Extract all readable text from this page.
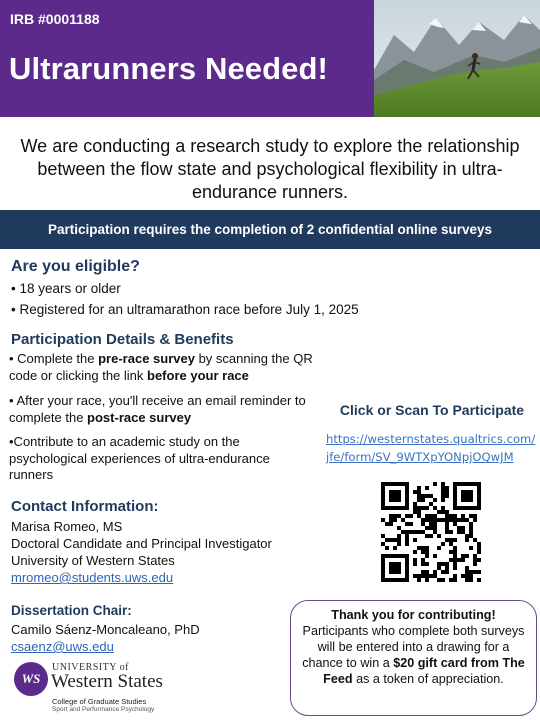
IRB #0001188
Ultrarunners Needed!
We are conducting a research study to explore the relationship between the flow state and psychological flexibility in ultra-endurance runners.
Participation requires the completion of 2 confidential online surveys
Are you eligible?
• 18 years or older
• Registered for an ultramarathon race before July 1, 2025
Participation Details & Benefits
• Complete the pre-race survey by scanning the QR code or clicking the link before your race
• After your race, you'll receive an email reminder to complete the post-race survey
•Contribute to an academic study on the psychological experiences of ultra-endurance runners
Click or Scan To Participate
https://westernstates.qualtrics.com/jfe/form/SV_9WTXpYONpjOQwJM
Contact Information:
Marisa Romeo, MS
Doctoral Candidate and Principal Investigator
University of Western States
mromeo@students.uws.edu
Dissertation Chair:
Camilo Sáenz-Moncaleano, PhD
csaenz@uws.edu
Thank you for contributing! Participants who complete both surveys will be entered into a drawing for a chance to win a $20 gift card from The Feed as a token of appreciation.
WS
UNIVERSITY of
Western States
College of Graduate Studies
Sport and Performance Psychology
